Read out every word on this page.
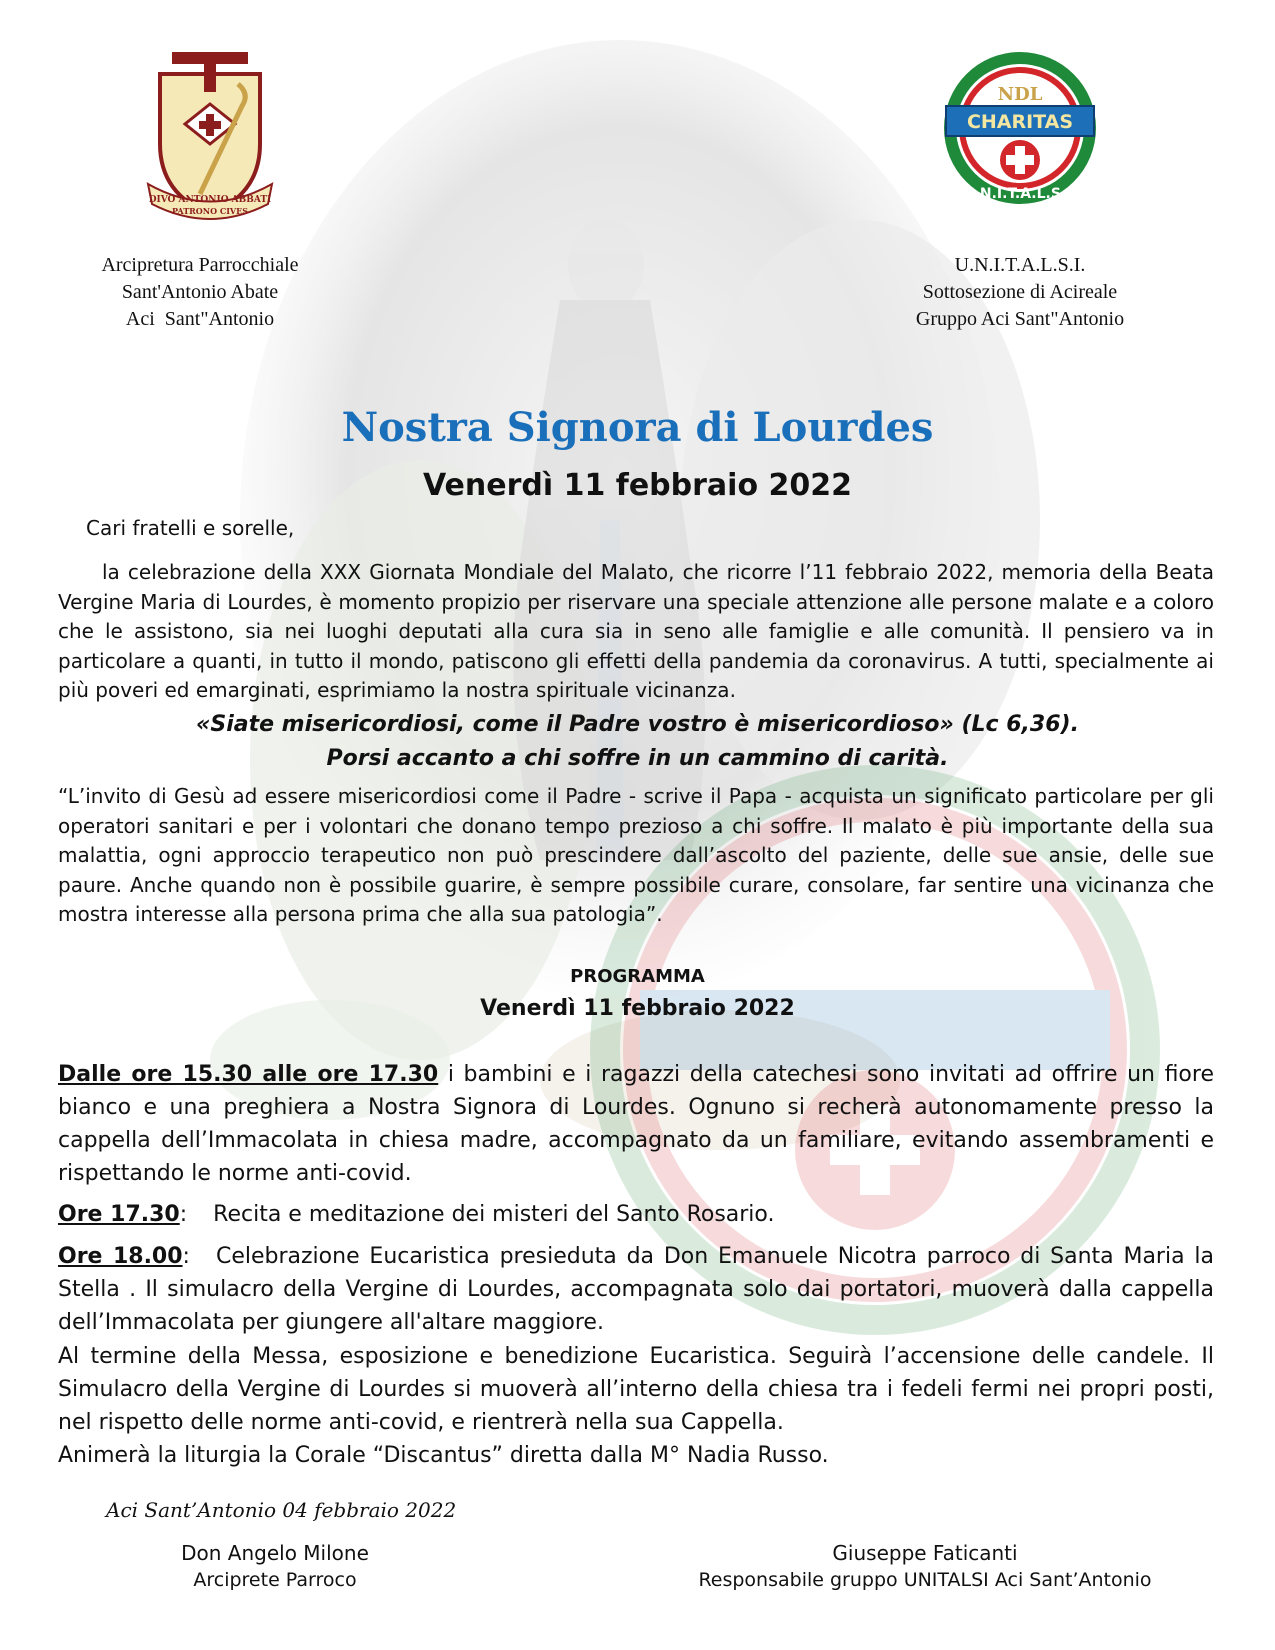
DIVO ANTONIO ABBATI
PATRONO CIVES
CHARITAS
NDL
U.N.I.T.A.L.S.I.
Arcipretura Parrocchiale
Sant'Antonio Abate
Aci  Sant"Antonio
U.N.I.T.A.L.S.I.
Sottosezione di Acireale
Gruppo Aci Sant"Antonio
Nostra Signora di Lourdes
Venerdì 11 febbraio 2022
Cari fratelli e sorelle,
la celebrazione della XXX Giornata Mondiale del Malato, che ricorre l’11 febbraio 2022, memoria della Beata Vergine Maria di Lourdes, è momento propizio per riservare una speciale attenzione alle persone malate e a coloro che le assistono, sia nei luoghi deputati alla cura sia in seno alle famiglie e alle comunità. Il pensiero va in particolare a quanti, in tutto il mondo, patiscono gli effetti della pandemia da coronavirus. A tutti, specialmente ai più poveri ed emarginati, esprimiamo la nostra spirituale vicinanza.
«Siate misericordiosi, come il Padre vostro è misericordioso» (Lc 6,36).
Porsi accanto a chi soffre in un cammino di carità.
“L’invito di Gesù ad essere misericordiosi come il Padre - scrive il Papa - acquista un significato particolare per gli operatori sanitari e per i volontari che donano tempo prezioso a chi soffre. Il malato è più importante della sua malattia, ogni approccio terapeutico non può prescindere dall’ascolto del paziente, delle sue ansie, delle sue paure. Anche quando non è possibile guarire, è sempre possibile curare, consolare, far sentire una vicinanza che mostra interesse alla persona prima che alla sua patologia”.
PROGRAMMA
Venerdì 11 febbraio 2022
Dalle ore 15.30 alle ore 17.30 i bambini e i ragazzi della catechesi sono invitati ad offrire un fiore bianco e una preghiera a Nostra Signora di Lourdes. Ognuno si recherà autonomamente presso la cappella dell’Immacolata in chiesa madre, accompagnato da un familiare, evitando assembramenti e rispettando le norme anti-covid.
Ore 17.30: Recita e meditazione dei misteri del Santo Rosario.
Ore 18.00: Celebrazione Eucaristica presieduta da Don Emanuele Nicotra parroco di Santa Maria la Stella . Il simulacro della Vergine di Lourdes, accompagnata solo dai portatori, muoverà dalla cappella dell’Immacolata per giungere all'altare maggiore.
Al termine della Messa, esposizione e benedizione Eucaristica. Seguirà l’accensione delle candele. Il Simulacro della Vergine di Lourdes si muoverà all’interno della chiesa tra i fedeli fermi nei propri posti, nel rispetto delle norme anti-covid, e rientrerà nella sua Cappella.
Animerà la liturgia la Corale “Discantus” diretta dalla M° Nadia Russo.
Aci Sant’Antonio 04 febbraio 2022
Don Angelo Milone
Arciprete Parroco
Giuseppe Faticanti
Responsabile gruppo UNITALSI Aci Sant’Antonio
